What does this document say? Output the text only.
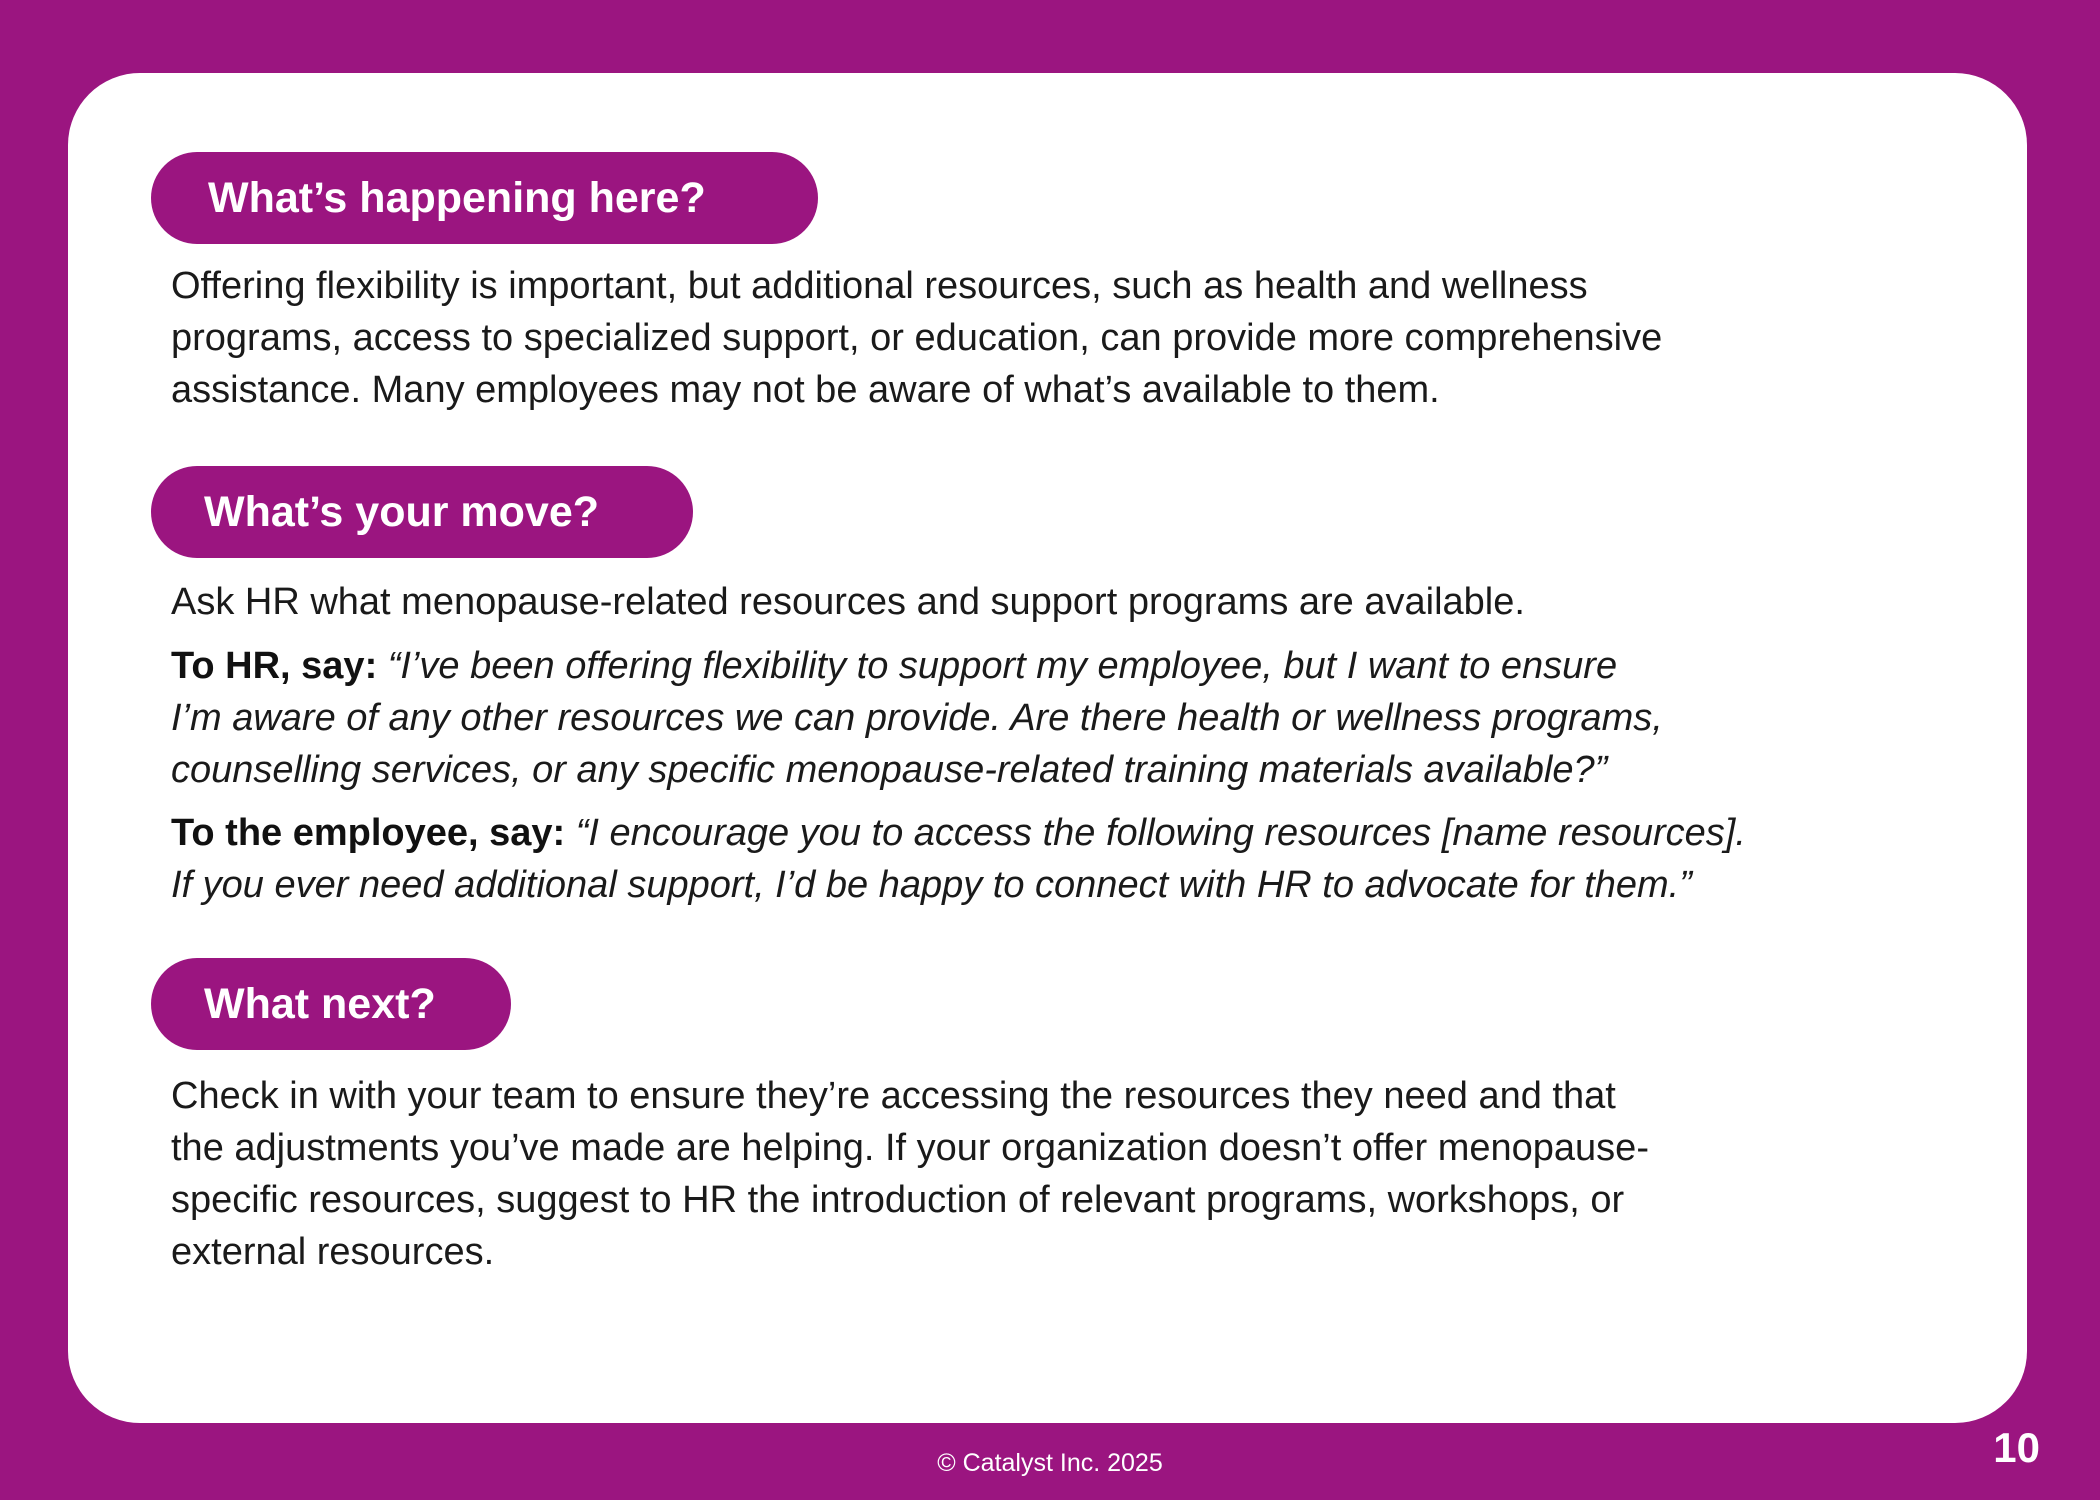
What’s happening here?

Offering flexibility is important, but additional resources, such as health and wellness
programs, access to specialized support, or education, can provide more comprehensive
assistance. Many employees may not be aware of what’s available to them.

What’s your move?

Ask HR what menopause-related resources and support programs are available.

To HR, say: “I’ve been offering flexibility to support my employee, but I want to ensure
I’m aware of any other resources we can provide. Are there health or wellness programs,
counselling services, or any specific menopause-related training materials available?”

To the employee, say: “I encourage you to access the following resources [name resources].
If you ever need additional support, I’d be happy to connect with HR to advocate for them.”

What next?

Check in with your team to ensure they’re accessing the resources they need and that
the adjustments you’ve made are helping. If your organization doesn’t offer menopause-
specific resources, suggest to HR the introduction of relevant programs, workshops, or
external resources.

© Catalyst Inc. 2025	10
